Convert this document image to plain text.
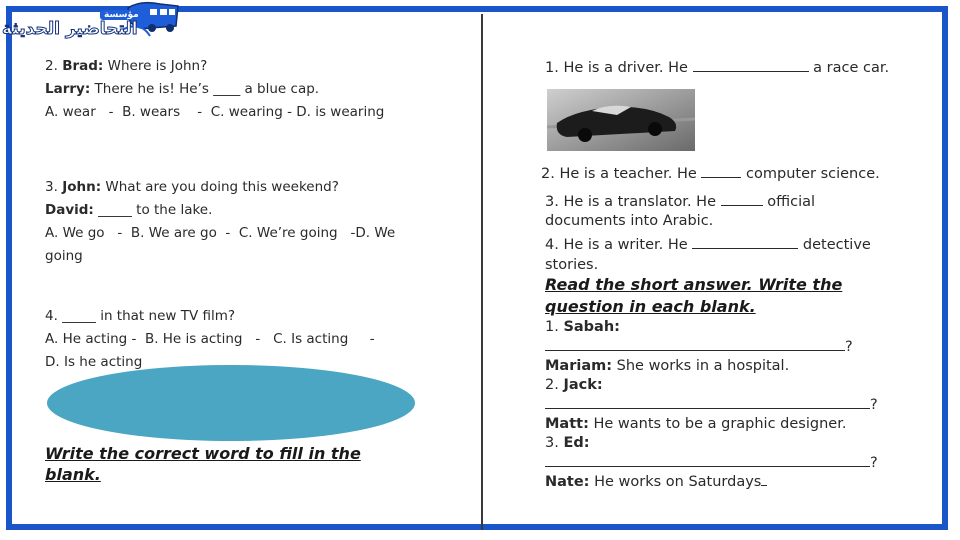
مؤسسة
التحاضير الحديثة
2. Brad: Where is John?
Larry: There he is! He’s ____ a blue cap.
A. wear   -  B. wears    -  C. wearing - D. is wearing
3. John: What are you doing this weekend?
David: _____ to the lake.
A. We go   -  B. We are go  -  C. We’re going   -D. We
going
4. _____ in that new TV film?
A. He acting -  B. He is acting   -   C. Is acting     -
D. Is he acting
Write the correct word to fill in the
blank.
1. He is a driver. He	a race car.
2. He is a teacher. He	computer science.
3. He is a translator. He	official
documents into Arabic.
4. He is a writer. He	detective
stories.
Read the short answer. Write the
question in each blank.
1. Sabah:
?
Mariam: She works in a hospital.
2. Jack:
?
Matt: He wants to be a graphic designer.
3. Ed:
?
Nate: He works on Saturdays
